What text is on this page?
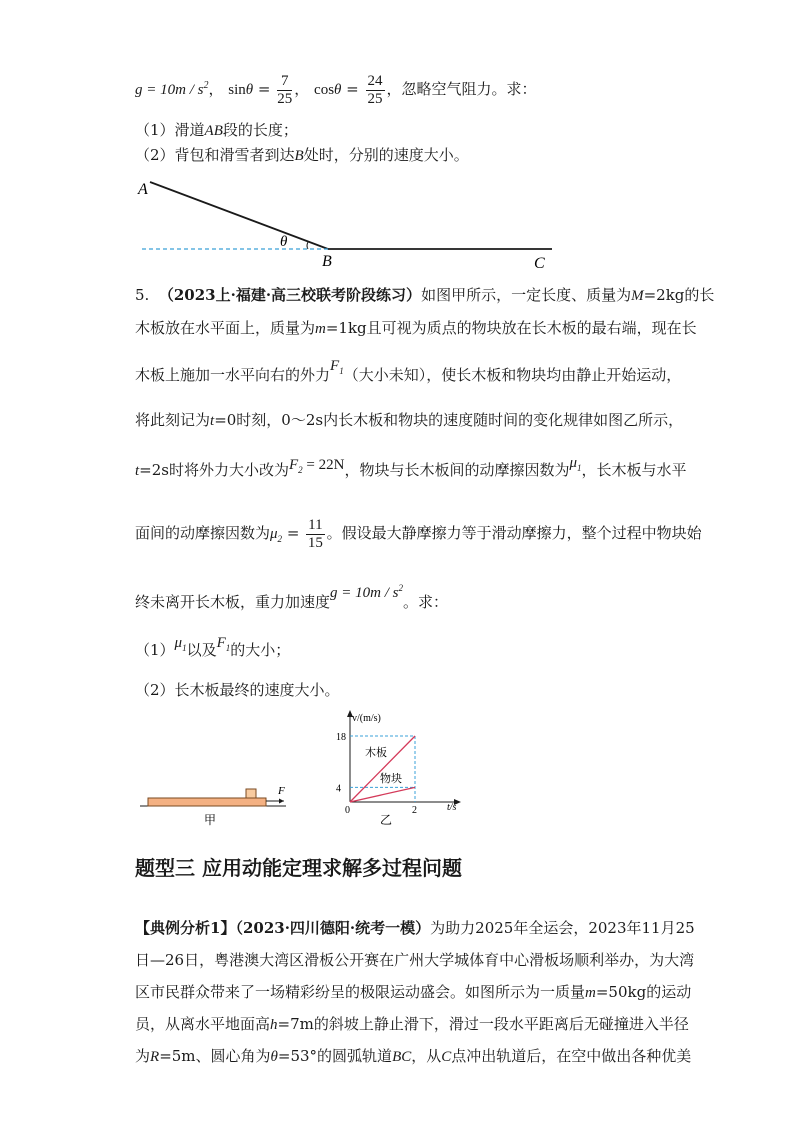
$g = 10m / s^2$， $\sin\theta = \frac{7}{25}$ ， $\cos\theta = \frac{24}{25}$ ，忽略空气阻力。求：
（1）滑道AB段的长度；
（2）背包和滑雪者到达B处时，分别的速度大小。
A
θ
B	C
5. （2023上·福建·高三校联考阶段练习）如图甲所示，一定长度、质量为M=2kg的长
木板放在水平面上，质量为m=1kg且可视为质点的物块放在长木板的最右端，现在长
木板上施加一水平向右的外力$F_1$（大小未知），使长木板和物块均由静止开始运动，
将此刻记为t=0时刻，0～2s内长木板和物块的速度随时间的变化规律如图乙所示，
t=2s时将外力大小改为$F_2 = 22N$，物块与长木板间的动摩擦因数为$\mu_1$，长木板与水平
面间的动摩擦因数为$\mu_2 = \frac{11}{15}$ 。假设最大静摩擦力等于滑动摩擦力，整个过程中物块始
终未离开长木板，重力加速度$g = 10m / s^2$。求：
$(1)\mu_1$以及$F_1$的大小；
（2）长木板最终的速度大小。
F
甲
v/(m/s)
t/s
0
木板
物块
乙
4
18
2
题型三 应用动能定理求解多过程问题
【典例分析1】（2023·四川德阳·统考一模）为助力2025年全运会，2023年11月25
日—26日，粤港澳大湾区滑板公开赛在广州大学城体育中心滑板场顺利举办，为大湾
区市民群众带来了一场精彩纷呈的极限运动盛会。如图所示为一质量m=50kg的运动
员，从离水平地面高h=7m的斜坡上静止滑下，滑过一段水平距离后无碰撞进入半径
为R=5m、圆心角为θ=53°的圆弧轨道BC，从C点冲出轨道后，在空中做出各种优美
